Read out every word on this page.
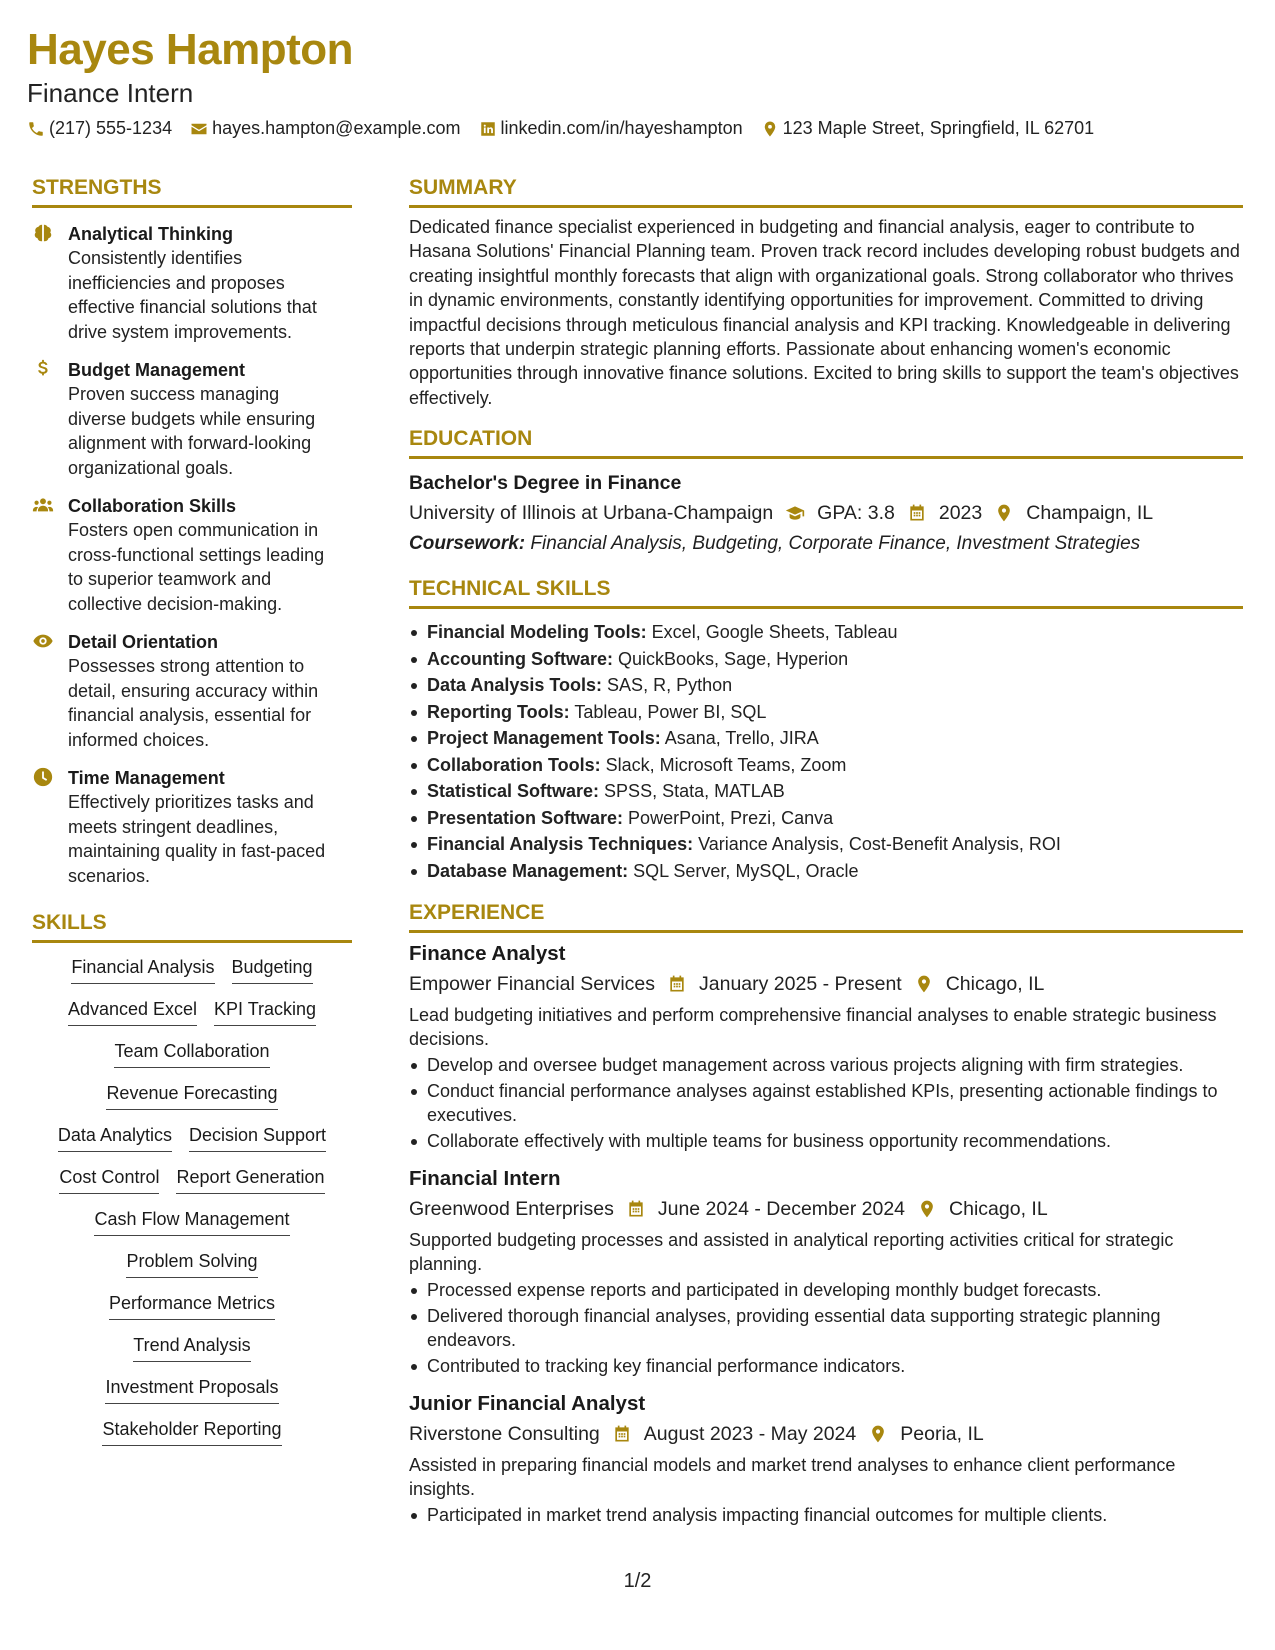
Hayes Hampton
Finance Intern
(217) 555-1234 hayes.hampton@example.com linkedin.com/in/hayeshampton 123 Maple Street, Springfield, IL 62701
STRENGTHS
Analytical Thinking
Consistently identifies inefficiencies and proposes effective financial solutions that drive system improvements.
Budget Management
Proven success managing diverse budgets while ensuring alignment with forward-looking organizational goals.
Collaboration Skills
Fosters open communication in cross-functional settings leading to superior teamwork and collective decision-making.
Detail Orientation
Possesses strong attention to detail, ensuring accuracy within financial analysis, essential for informed choices.
Time Management
Effectively prioritizes tasks and meets stringent deadlines, maintaining quality in fast-paced scenarios.
SKILLS
Financial Analysis Budgeting
Advanced Excel KPI Tracking
Team Collaboration
Revenue Forecasting
Data Analytics Decision Support
Cost Control Report Generation
Cash Flow Management
Problem Solving
Performance Metrics
Trend Analysis
Investment Proposals
Stakeholder Reporting
SUMMARY
Dedicated finance specialist experienced in budgeting and financial analysis, eager to contribute to Hasana Solutions' Financial Planning team. Proven track record includes developing robust budgets and creating insightful monthly forecasts that align with organizational goals. Strong collaborator who thrives in dynamic environments, constantly identifying opportunities for improvement. Committed to driving impactful decisions through meticulous financial analysis and KPI tracking. Knowledgeable in delivering reports that underpin strategic planning efforts. Passionate about enhancing women's economic opportunities through innovative finance solutions. Excited to bring skills to support the team's objectives effectively.
EDUCATION
Bachelor's Degree in Finance
University of Illinois at Urbana-Champaign GPA: 3.8 2023 Champaign, IL
Coursework: Financial Analysis, Budgeting, Corporate Finance, Investment Strategies
TECHNICAL SKILLS
Financial Modeling Tools: Excel, Google Sheets, Tableau
Accounting Software: QuickBooks, Sage, Hyperion
Data Analysis Tools: SAS, R, Python
Reporting Tools: Tableau, Power BI, SQL
Project Management Tools: Asana, Trello, JIRA
Collaboration Tools: Slack, Microsoft Teams, Zoom
Statistical Software: SPSS, Stata, MATLAB
Presentation Software: PowerPoint, Prezi, Canva
Financial Analysis Techniques: Variance Analysis, Cost-Benefit Analysis, ROI
Database Management: SQL Server, MySQL, Oracle
EXPERIENCE
Finance Analyst
Empower Financial Services January 2025 - Present Chicago, IL
Lead budgeting initiatives and perform comprehensive financial analyses to enable strategic business decisions.
Develop and oversee budget management across various projects aligning with firm strategies.
Conduct financial performance analyses against established KPIs, presenting actionable findings to executives.
Collaborate effectively with multiple teams for business opportunity recommendations.
Financial Intern
Greenwood Enterprises June 2024 - December 2024 Chicago, IL
Supported budgeting processes and assisted in analytical reporting activities critical for strategic planning.
Processed expense reports and participated in developing monthly budget forecasts.
Delivered thorough financial analyses, providing essential data supporting strategic planning endeavors.
Contributed to tracking key financial performance indicators.
Junior Financial Analyst
Riverstone Consulting August 2023 - May 2024 Peoria, IL
Assisted in preparing financial models and market trend analyses to enhance client performance insights.
Participated in market trend analysis impacting financial outcomes for multiple clients.
1/2
